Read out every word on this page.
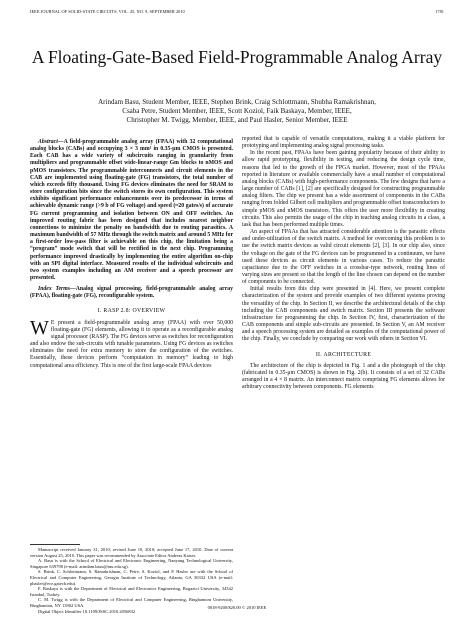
IEEE JOURNAL OF SOLID-STATE CIRCUITS, VOL. 45, NO. 9, SEPTEMBER 2010	1781
A Floating-Gate-Based Field-Programmable Analog Array
Arindam Basu, Student Member, IEEE, Stephen Brink, Craig Schlottmann, Shubha Ramakrishnan,
Csaba Petre, Student Member, IEEE, Scott Koziol, Faik Baskaya, Member, IEEE,
Christopher M. Twigg, Member, IEEE, and Paul Hasler, Senior Member, IEEE

Abstract—A field-programmable analog array (FPAA) with 32 computational analog blocks (CABs) and occupying 3 × 3 mm² in 0.35-μm CMOS is presented. Each CAB has a wide variety of subcircuits ranging in granularity from multipliers and programmable offset wide-linear-range Gm blocks to nMOS and pMOS transistors. The programmable interconnects and circuit elements in the CAB are implemented using floating-gate (FG) transistors, the total number of which exceeds fifty thousand. Using FG devices eliminates the need for SRAM to store configuration bits since the switch stores its own configuration. This system exhibits significant performance enhancements over its predecessor in terms of achievable dynamic range (>9 b of FG voltage) and speed (≈20 gates/s) of accurate FG current programming and isolation between ON and OFF switches. An improved routing fabric has been designed that includes nearest neighbor connections to minimize the penalty on bandwidth due to routing parasitics. A maximum bandwidth of 57 MHz through the switch matrix and around 5 MHz for a first-order low-pass filter is achievable on this chip, the limitation being a “program” mode switch that will be rectified in the next chip. Programming performance improved drastically by implementing the entire algorithm on-chip with an SPI digital interface. Measured results of the individual subcircuits and two system examples including an AM receiver and a speech processor are presented.

Index Terms—Analog signal processing, field-programmable analog array (FPAA), floating-gate (FG), reconfigurable system.

I. RASP 2.8: OVERVIEW
W E present a field-programmable analog array (FPAA) with over 50,000 floating-gate (FG) elements, allowing it to operate as a reconfigurable analog signal processor (RASP). The FG devices serve as switches for reconfiguration and also endow the sub-circuits with tunable parameters. Using FG devices as switches eliminates the need for extra memory to store the configuration of the switches. Essentially, these devices perform “computation in memory” leading to high computational area efficiency. This is one of the first large-scale FPAA devices

Manuscript received January 31, 2010; revised June 10, 2010; accepted June 17, 2010. Date of current version August 25, 2010. This paper was recommended by Associate Editor Andreas Kaiser.

A. Basu is with the School of Electrical and Electronic Engineering, Nanyang Technological University, Singapore 639798 (e-mail: arindam.basu@ntu.edu.sg).

S. Brink, C. Schlottmann, S. Ramakrishnan, C. Petre, S. Koziol, and P. Hasler are with the School of Electrical and Computer Engineering, Georgia Institute of Technology, Atlanta, GA 30332 USA (e-mail: phasler@ece.gatech.edu).

F. Baskaya is with the Department of Electrical and Electronics Engineering, Bogazici University, 34342 Istanbul, Turkey.

C. M. Twigg is with the Department of Electrical and Computer Engineering, Binghamton University, Binghamton, NY 13902 USA.

Digital Object Identifier 10.1109/JSSC.2010.2056832

reported that is capable of versatile computations, making it a viable platform for prototyping and implementing analog signal processing tasks.

In the recent past, FPAAs have been gaining popularity because of their ability to allow rapid prototyping, flexibility in testing, and reducing the design cycle time, reasons that led to the growth of the FPGA market. However, most of the FPAAs reported in literature or available commercially have a small number of computational analog blocks (CABs) with high-performance components. The few designs that have a large number of CABs [1], [2] are specifically designed for constructing programmable analog filters. The chip we present has a wide assortment of components in the CABs ranging from folded Gilbert cell multipliers and programmable offset transconductors to simple pMOS and nMOS transistors. This offers the user more flexibility in creating circuits. This also permits the usage of the chip in teaching analog circuits in a class, a task that has been performed multiple times.

An aspect of FPAAs that has attracted considerable attention is the parasitic effects and under-utilization of the switch matrix. A method for overcoming this problem is to use the switch matrix devices as valid circuit elements [2], [3]. In our chip also, since the voltage on the gate of the FG devices can be programmed in a continuum, we have used these devices as circuit elements in various cases. To reduce the parasitic capacitance due to the OFF switches in a crossbar-type network, routing lines of varying sizes are present so that the length of the line chosen can depend on the number of components to be connected.

Initial results from this chip were presented in [4]. Here, we present complete characterization of the system and provide examples of two different systems proving the versatility of the chip. In Section II, we describe the architectural details of the chip including the CAB components and switch matrix. Section III presents the software infrastructure for programming the chip. In Section IV, first, characterization of the CAB components and simple sub-circuits are presented. In Section V, an AM receiver and a speech processing system are detailed as examples of the computational power of the chip. Finally, we conclude by comparing our work with others in Section VI.

II. ARCHITECTURE

The architecture of the chip is depicted in Fig. 1 and a die photograph of the chip (fabricated in 0.35-μm CMOS) is shown in Fig. 2(b). It consists of a set of 32 CABs arranged in a 4 × 8 matrix. An interconnect matrix comprising FG elements allows for arbitrary connectivity between components. FG elements

0018-9200/$26.00 © 2010 IEEE
